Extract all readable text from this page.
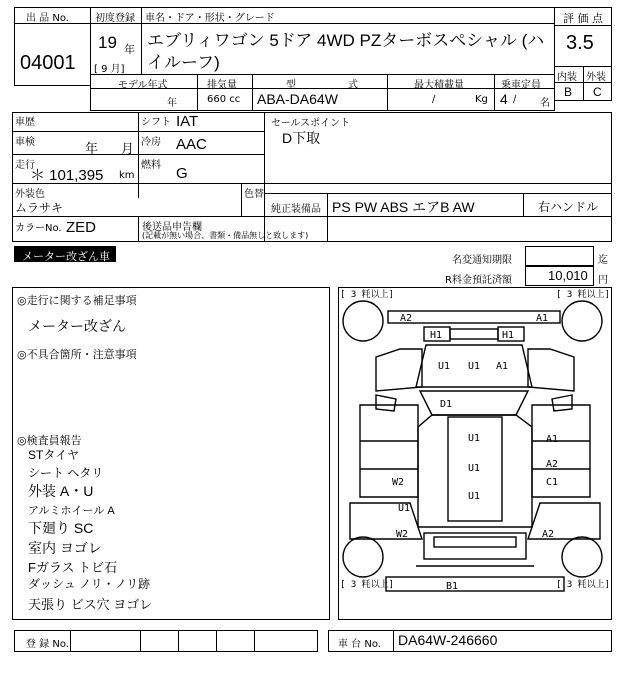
出 品 No.
04001
初度登録
19 年
[ 9 月]
車名・ドア・形状・グレード
エブリィワゴン 5ドア 4WD PZターボスペシャル (ハ
イルーフ)
評 価 点
3.5
内装 外装
B C
モデル年式	排気量	型	式	最大積載量	乗車定員
年	660 cc ABA-DA64W	/	Kg 4 / 名
車歴
車検	年 月
走行
＊ 101,395 km
シフト IAT
冷房 AAC
燃料 G
セールスポイント
D下取
外装色
ムラサキ
色替
純正装備品 PS PW ABS エアB AW	右ハンドル
カラーNo. ZED	後送品申告欄
(記載が無い場合、書類・備品無しと致します)
メーター改ざん車	名変通知期限	迄
R料金預託済額	10,010 円
◎走行に関する補足事項
メーター改ざん
◎不具合箇所・注意事項
◎検査員報告
STタイヤ
シート ヘタリ
外装 A・U
アルミホイール A
下廻り SC
室内 ヨゴレ
Fガラス トビ石
ダッシュ ノリ・ノリ跡
天張り ビス穴 ヨゴレ
[ 3 粍以上]	[ 3 粍以上]
[ 3 粍以上]	[ 3 粍以上]
A2	A1
H1	H1
U1 U1 A1
D1
U1
U1
U1
A1
A2
C1
W2
U1
W2	A2
B1
登 録 No.	車 台 No. DA64W-246660
